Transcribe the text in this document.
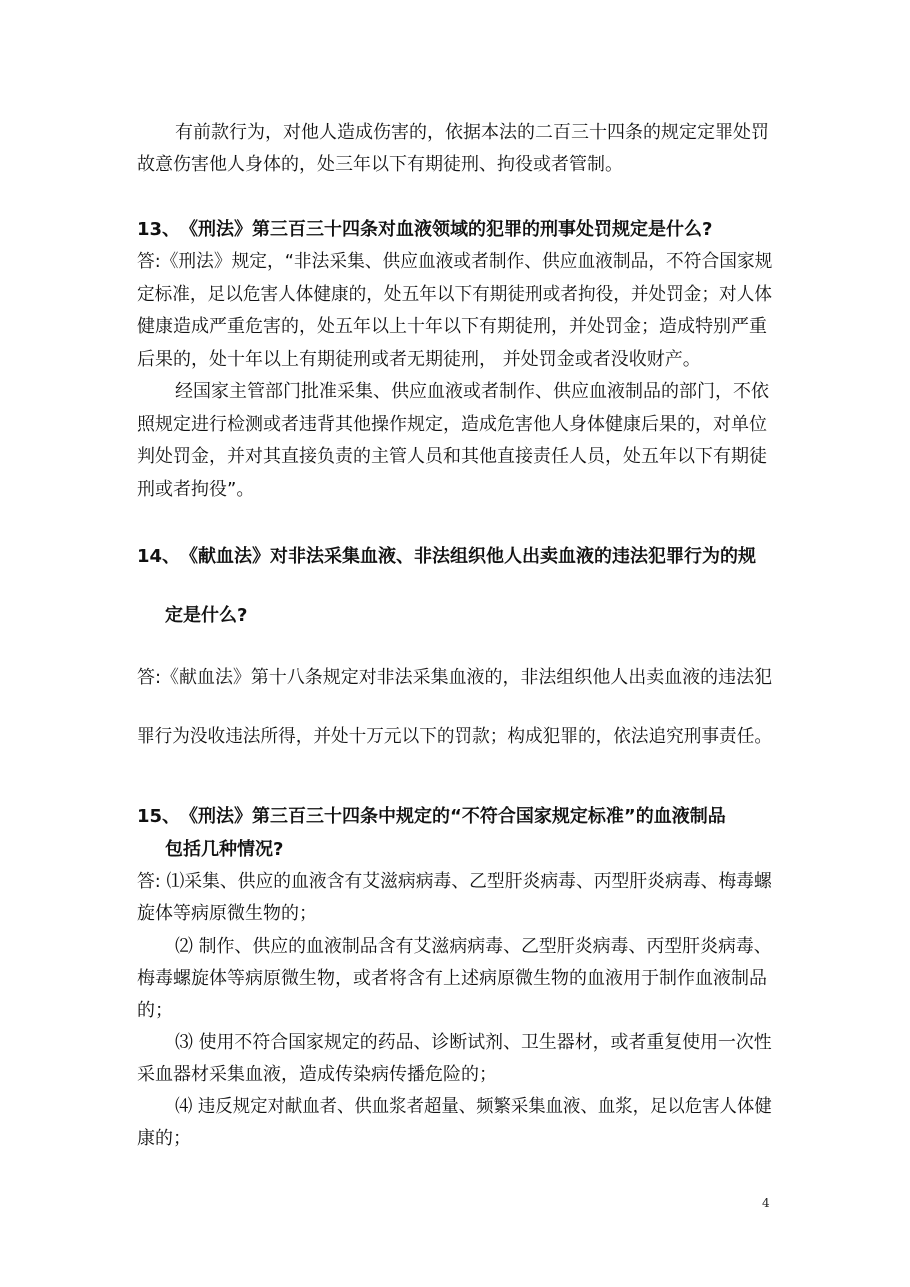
有前款行为，对他人造成伤害的，依据本法的二百三十四条的规定定罪处罚
故意伤害他人身体的，处三年以下有期徒刑、拘役或者管制。
13、　《刑法》第三百三十四条对血液领域的犯罪的刑事处罚规定是什么?
答:《刑法》规定，“非法采集、供应血液或者制作、供应血液制品，不符合国家规
定标准，足以危害人体健康的，处五年以下有期徒刑或者拘役，并处罚金；对人体
健康造成严重危害的，处五年以上十年以下有期徒刑，并处罚金；造成特别严重
后果的，处十年以上有期徒刑或者无期徒刑， 并处罚金或者没收财产。
经国家主管部门批准采集、供应血液或者制作、供应血液制品的部门，不依
照规定进行检测或者违背其他操作规定，造成危害他人身体健康后果的，对单位
判处罚金，并对其直接负责的主管人员和其他直接责任人员，处五年以下有期徒
刑或者拘役”。
14、　《献血法》对非法采集血液、非法组织他人出卖血液的违法犯罪行为的规
定是什么?
答:《献血法》第十八条规定对非法采集血液的，非法组织他人出卖血液的违法犯
罪行为没收违法所得，并处十万元以下的罚款；构成犯罪的，依法追究刑事责任。
15、　《刑法》第三百三十四条中规定的“不符合国家规定标准”的血液制品
包括几种情况?
答: ⑴采集、供应的血液含有艾滋病病毒、乙型肝炎病毒、丙型肝炎病毒、梅毒螺
旋体等病原微生物的；
⑵ 制作、供应的血液制品含有艾滋病病毒、乙型肝炎病毒、丙型肝炎病毒、
梅毒螺旋体等病原微生物，或者将含有上述病原微生物的血液用于制作血液制品
的；
⑶ 使用不符合国家规定的药品、诊断试剂、卫生器材，或者重复使用一次性
采血器材采集血液，造成传染病传播危险的；
⑷ 违反规定对献血者、供血浆者超量、频繁采集血液、血浆，足以危害人体健
康的；
4
